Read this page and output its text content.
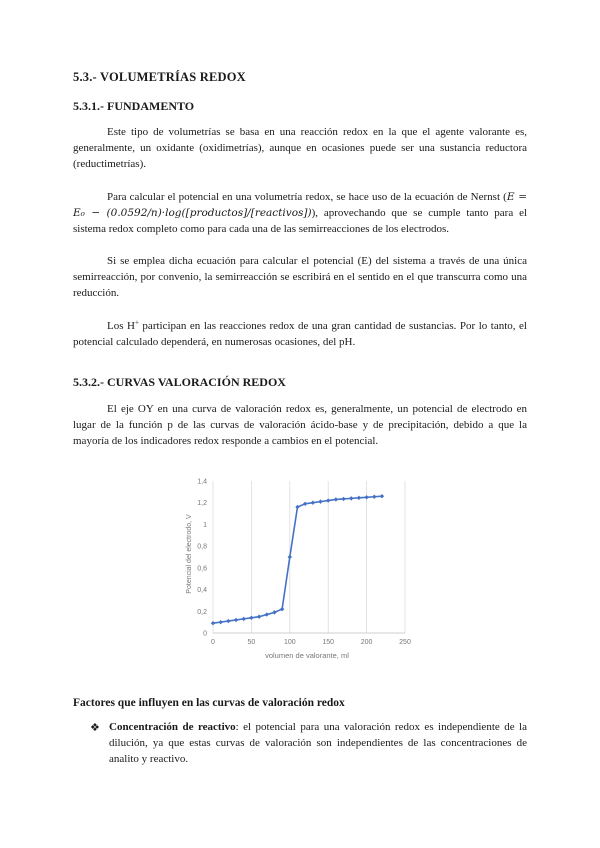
5.3.- VOLUMETRÍAS REDOX
5.3.1.- FUNDAMENTO

Este tipo de volumetrías se basa en una reacción redox en la que el agente valorante es, generalmente, un oxidante (oxidimetrías), aunque en ocasiones puede ser una sustancia reductora (reductimetrías).

Para calcular el potencial en una volumetría redox, se hace uso de la ecuación de Nernst (E = E₀ − (0.0592/n)·log([productos]/[reactivos])), aprovechando que se cumple tanto para el sistema redox completo como para cada una de las semirreacciones de los electrodos.

Si se emplea dicha ecuación para calcular el potencial (E) del sistema a través de una única semirreacción, por convenio, la semirreacción se escribirá en el sentido en el que transcurra como una reducción.

Los H+ participan en las reacciones redox de una gran cantidad de sustancias. Por lo tanto, el potencial calculado dependerá, en numerosas ocasiones, del pH.

5.3.2.- CURVAS VALORACIÓN REDOX

El eje OY en una curva de valoración redox es, generalmente, un potencial de electrodo en lugar de la función p de las curvas de valoración ácido-base y de precipitación, debido a que la mayoría de los indicadores redox responde a cambios en el potencial.

0	50	100	150	200	250
0
0,2
0,4
0,6
0,8
1
1,2
1,4
Potencial del electrodo, V
volumen de valorante, ml
Factores que influyen en las curvas de valoración redox
❖ Concentración de reactivo: el potencial para una valoración redox es independiente de la dilución, ya que estas curvas de valoración son independientes de las concentraciones de analito y reactivo.
